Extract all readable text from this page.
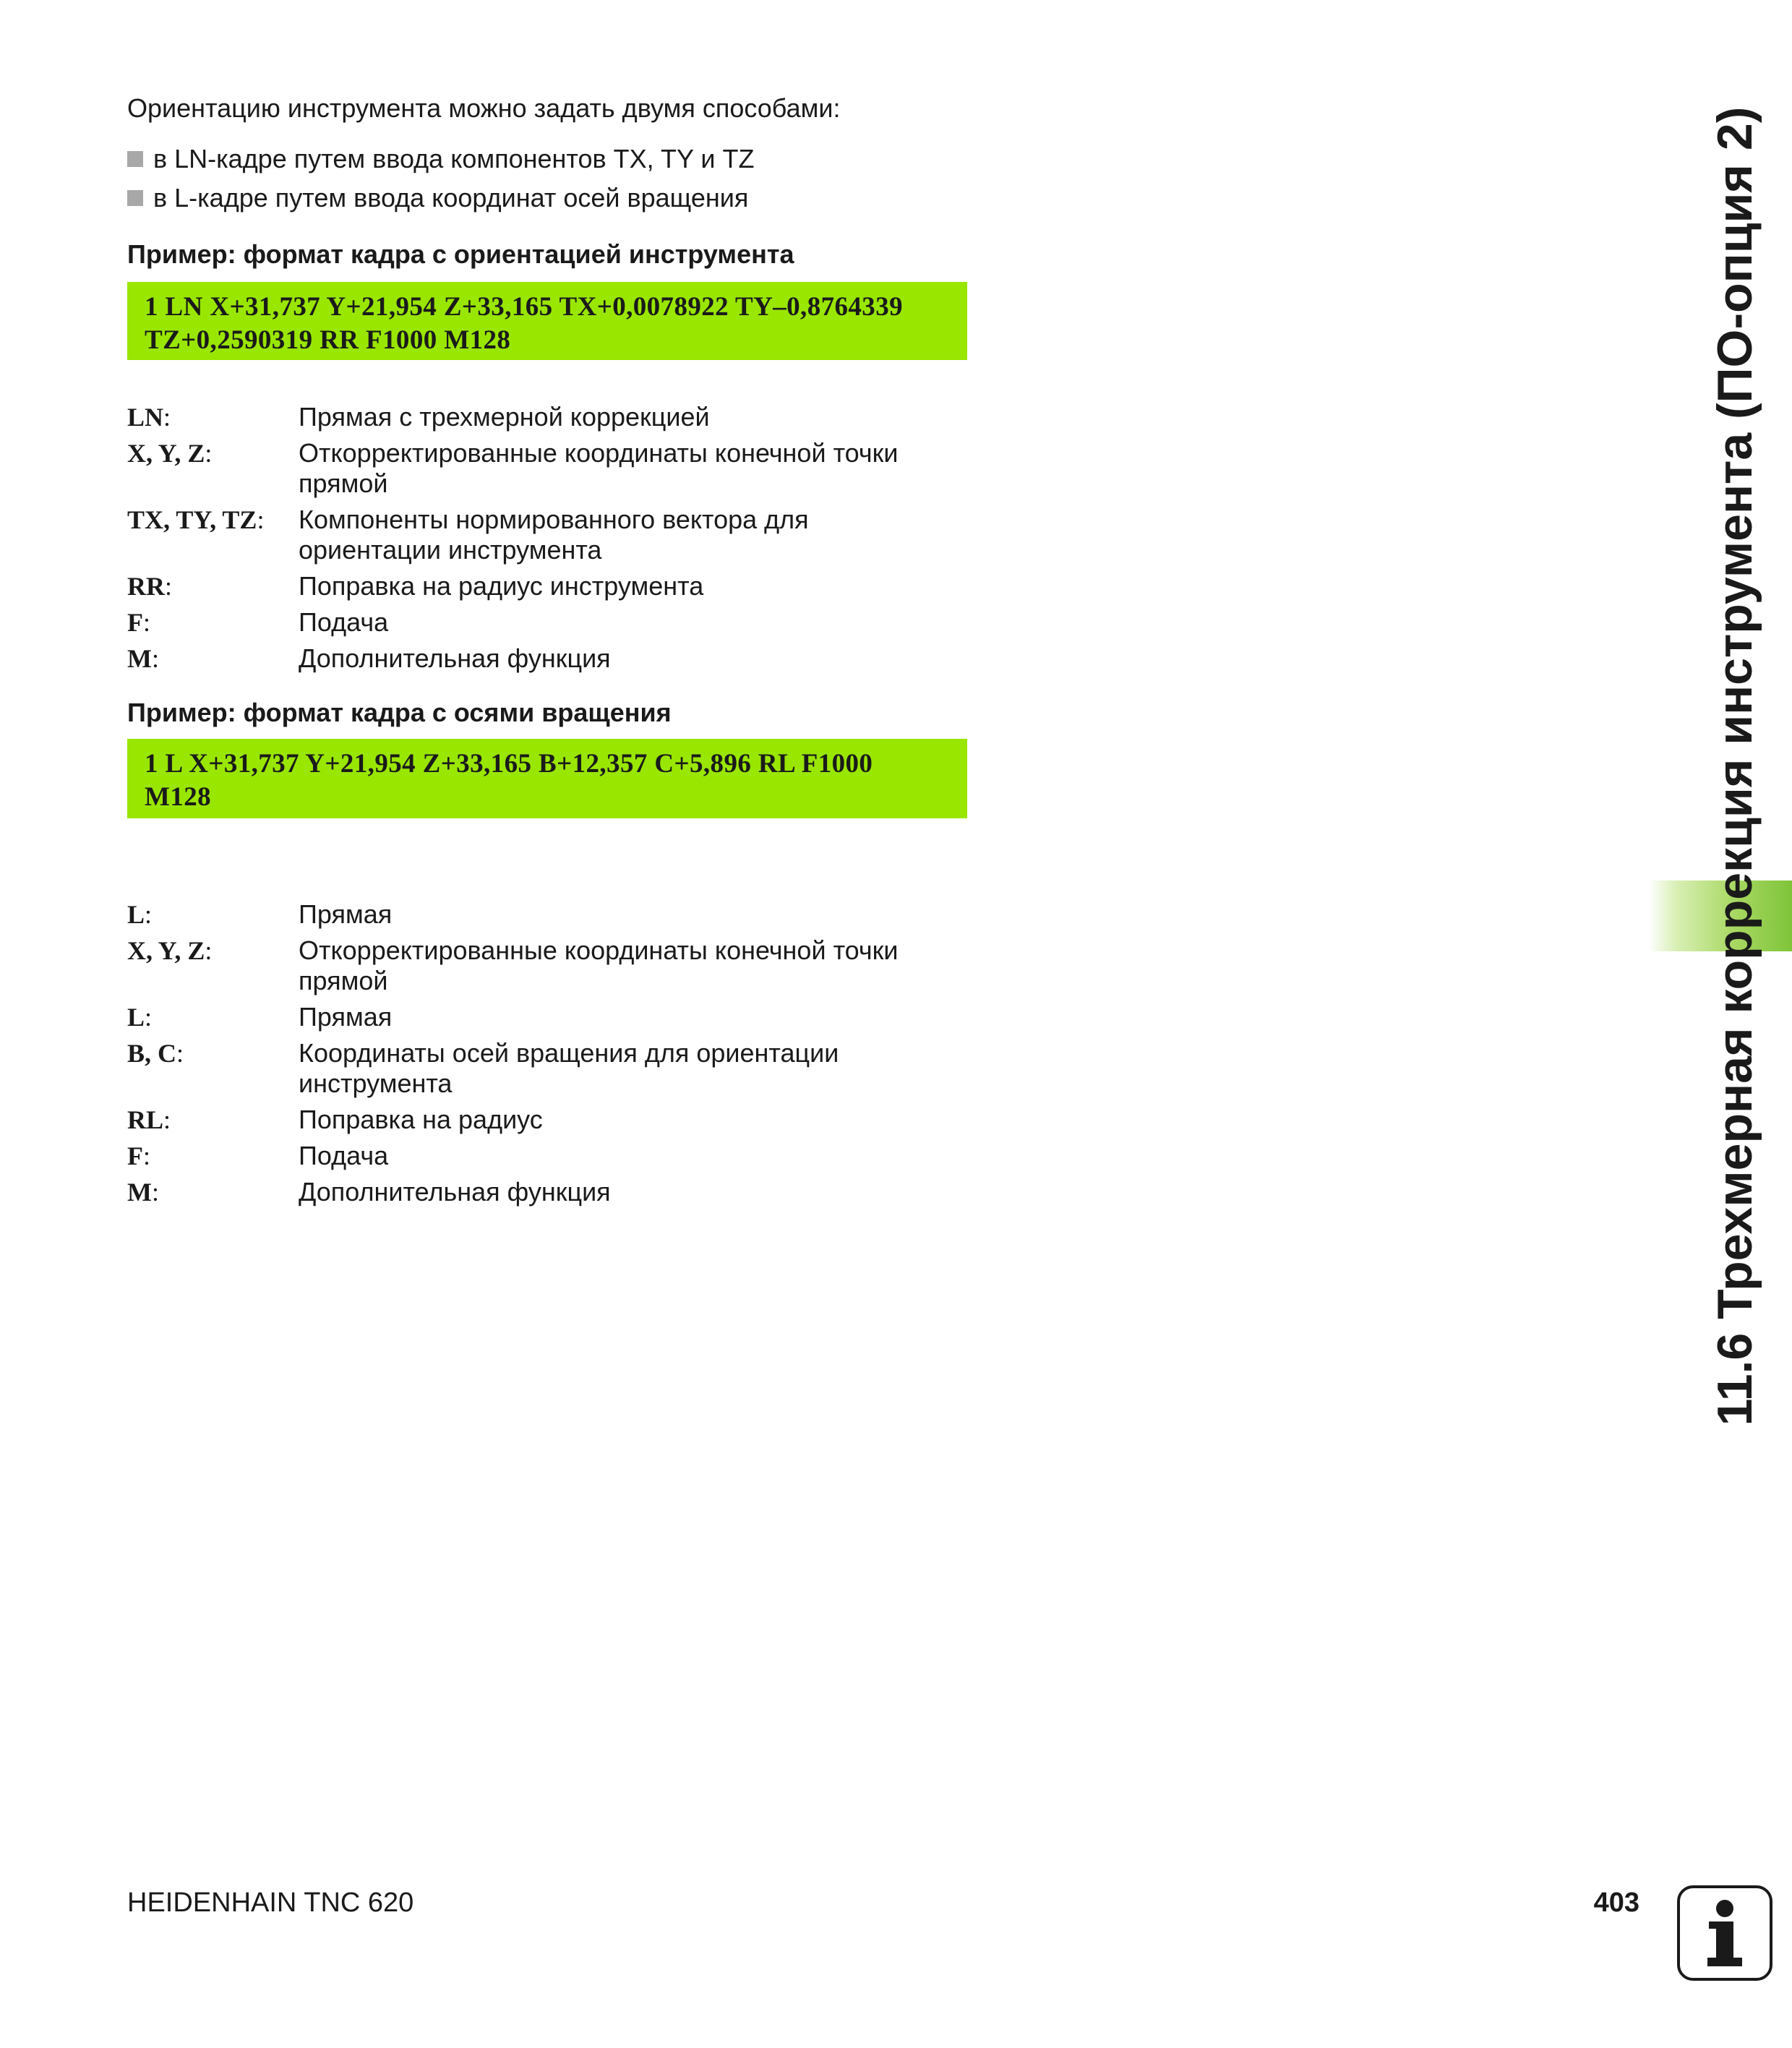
Ориентацию инструмента можно задать двумя способами:
в LN-кадре путем ввода компонентов TX, TY и TZ
в L-кадре путем ввода координат осей вращения
Пример: формат кадра с ориентацией инструмента
1 LN X+31,737 Y+21,954 Z+33,165 TX+0,0078922 TY–0,8764339
TZ+0,2590319 RR F1000 M128
LN:	Прямая с трехмерной коррекцией
X, Y, Z:	Откорректированные координаты конечной точки прямой
TX, TY, TZ:	Компоненты нормированного вектора для ориентации инструмента
RR:	Поправка на радиус инструмента
F:	Подача
M:	Дополнительная функция
Пример: формат кадра с осями вращения
1 L X+31,737 Y+21,954 Z+33,165 B+12,357 C+5,896 RL F1000
M128
L:	Прямая
X, Y, Z:	Откорректированные координаты конечной точки прямой
L:	Прямая
B, C:	Координаты осей вращения для ориентации инструмента
RL:	Поправка на радиус
F:	Подача
M:	Дополнительная функция	11.6 Трехмерная коррекция инструмента (ПО-опция 2)
HEIDENHAIN TNC 620	403
